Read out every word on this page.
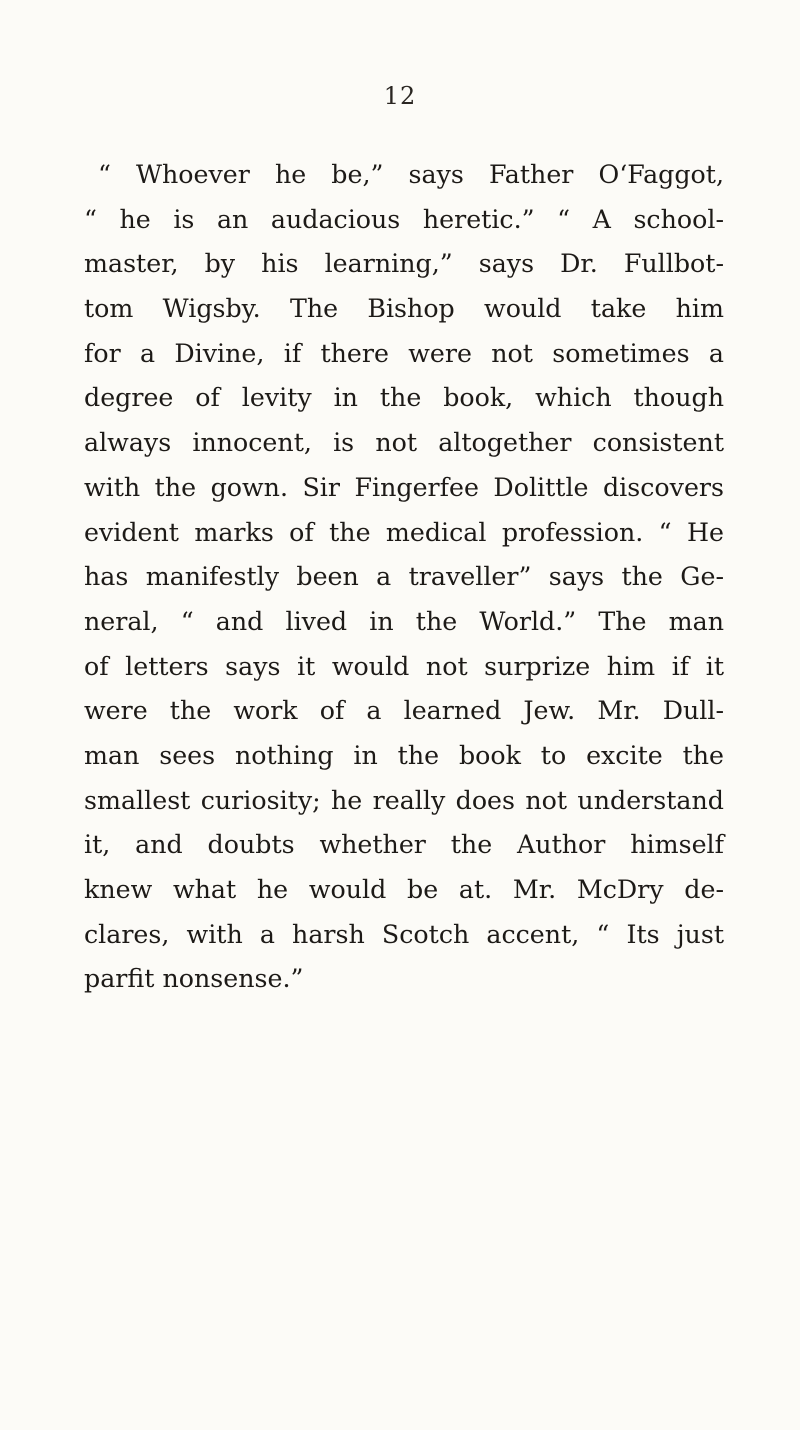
12
“ Whoever he be,” says Father O‘Faggot,
“ he is an audacious heretic.” “ A school-
master, by his learning,” says Dr. Fullbot-
tom Wigsby. The Bishop would take him
for a Divine, if there were not sometimes a
degree of levity in the book, which though
always innocent, is not altogether consistent
with the gown. Sir Fingerfee Dolittle discovers
evident marks of the medical profession. “ He
has manifestly been a traveller” says the Ge-
neral, “ and lived in the World.” The man
of letters says it would not surprize him if it
were the work of a learned Jew. Mr. Dull-
man sees nothing in the book to excite the
smallest curiosity; he really does not understand
it, and doubts whether the Author himself
knew what he would be at. Mr. McDry de-
clares, with a harsh Scotch accent, “ Its just
parfit nonsense.”
